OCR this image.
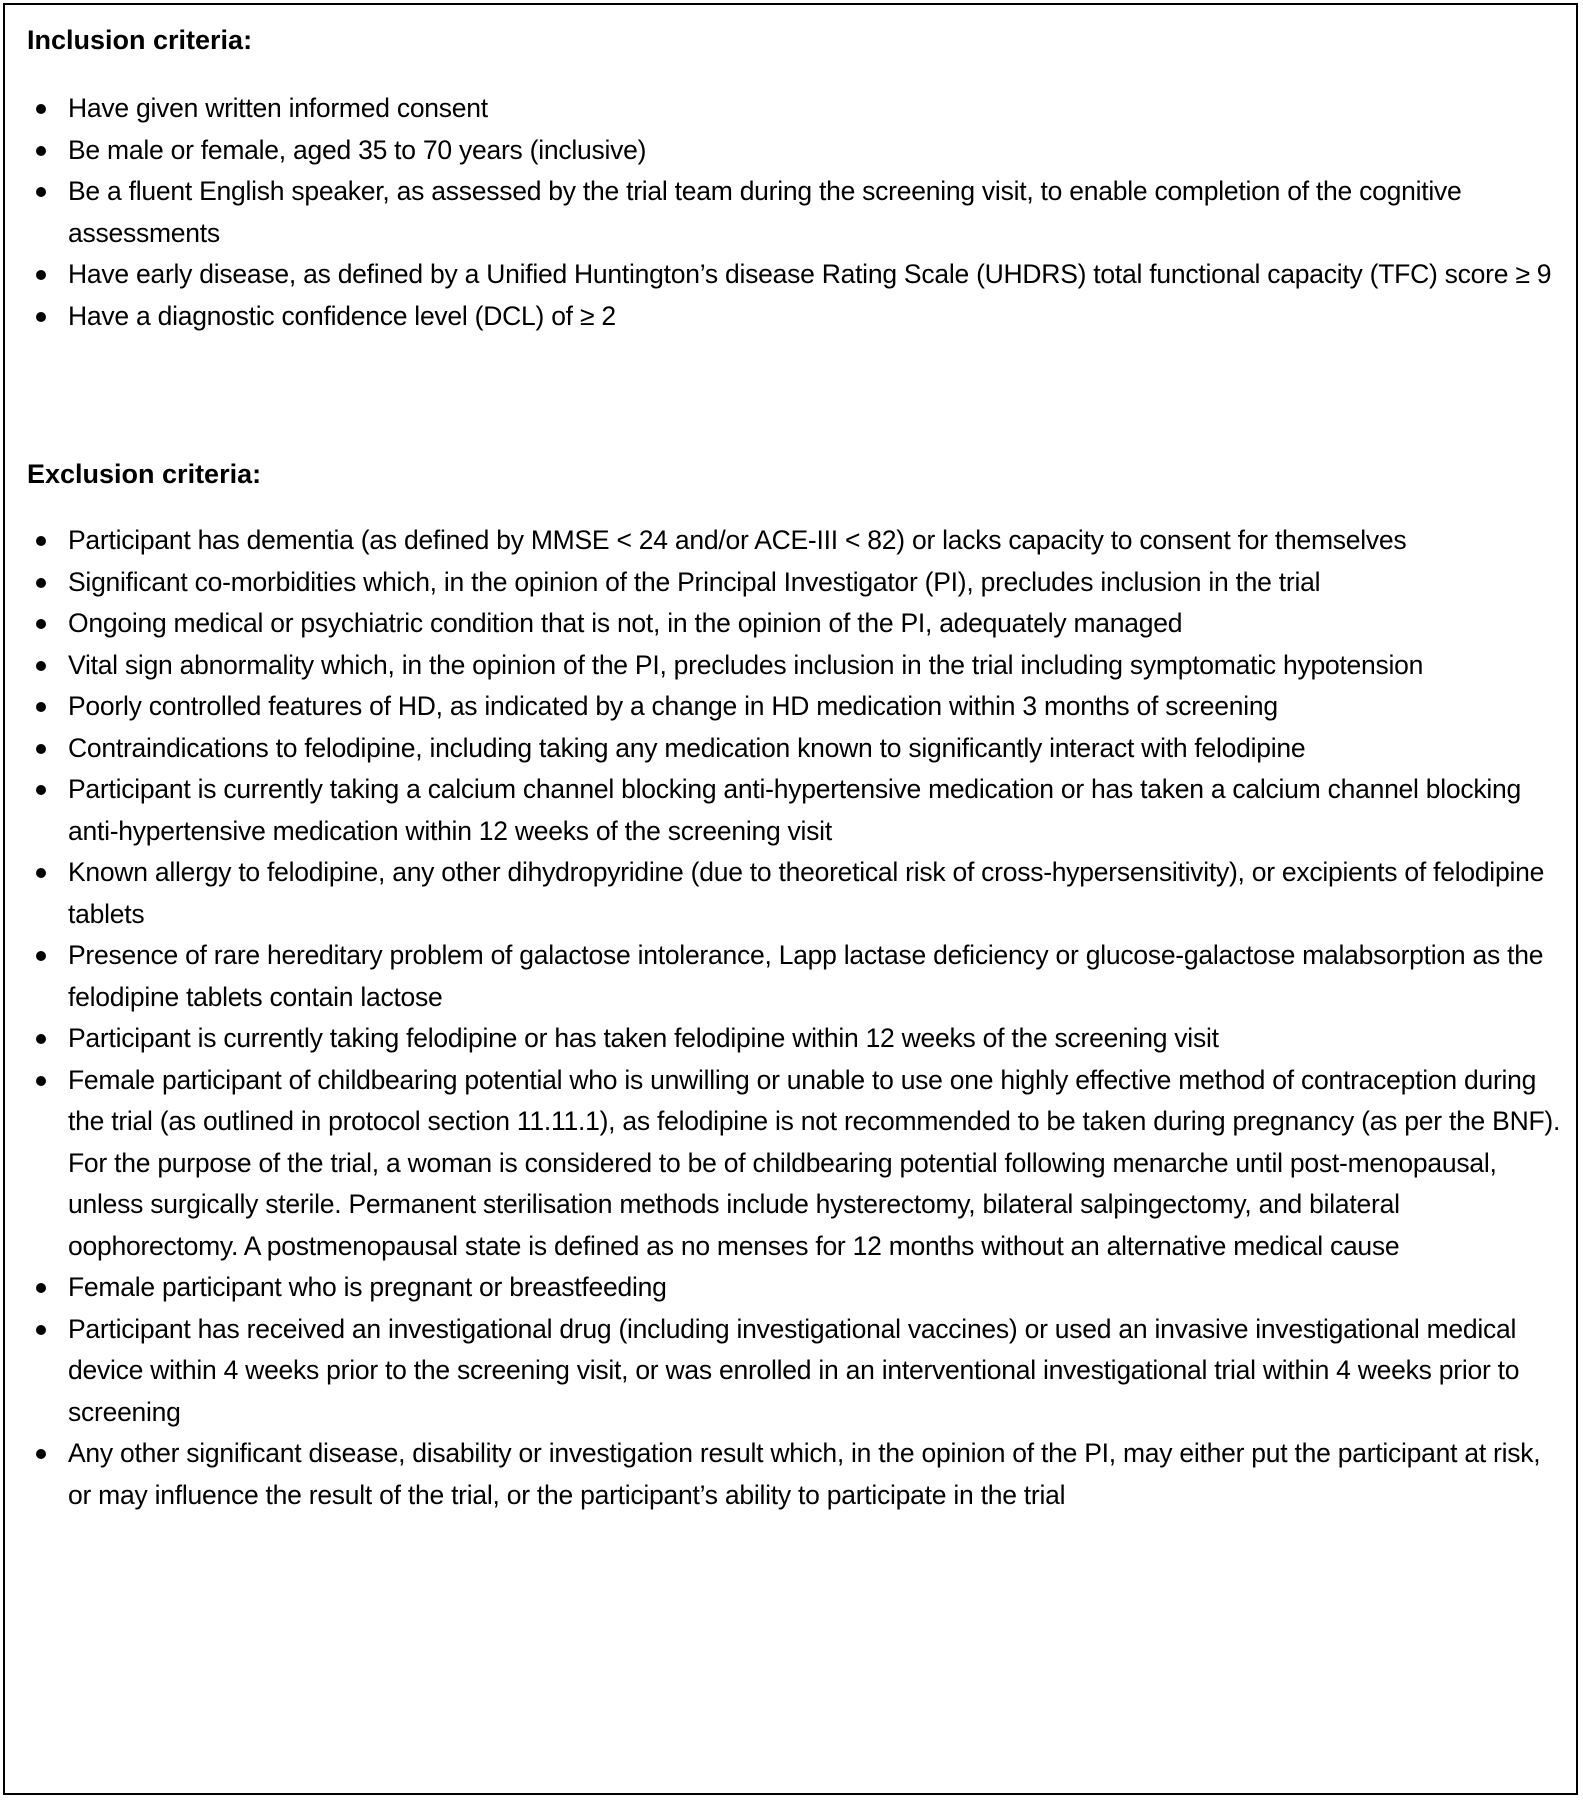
Inclusion criteria:
Have given written informed consent
Be male or female, aged 35 to 70 years (inclusive)
Be a fluent English speaker, as assessed by the trial team during the screening visit, to enable completion of the cognitive assessments
Have early disease, as defined by a Unified Huntington’s disease Rating Scale (UHDRS) total functional capacity (TFC) score ≥ 9
Have a diagnostic confidence level (DCL) of ≥ 2
Exclusion criteria:
Participant has dementia (as defined by MMSE < 24 and/or ACE-III < 82) or lacks capacity to consent for themselves
Significant co-morbidities which, in the opinion of the Principal Investigator (PI), precludes inclusion in the trial
Ongoing medical or psychiatric condition that is not, in the opinion of the PI, adequately managed
Vital sign abnormality which, in the opinion of the PI, precludes inclusion in the trial including symptomatic hypotension
Poorly controlled features of HD, as indicated by a change in HD medication within 3 months of screening
Contraindications to felodipine, including taking any medication known to significantly interact with felodipine
Participant is currently taking a calcium channel blocking anti-hypertensive medication or has taken a calcium channel blocking anti-hypertensive medication within 12 weeks of the screening visit
Known allergy to felodipine, any other dihydropyridine (due to theoretical risk of cross-hypersensitivity), or excipients of felodipine tablets
Presence of rare hereditary problem of galactose intolerance, Lapp lactase deficiency or glucose-galactose malabsorption as the felodipine tablets contain lactose
Participant is currently taking felodipine or has taken felodipine within 12 weeks of the screening visit
Female participant of childbearing potential who is unwilling or unable to use one highly effective method of contraception during the trial (as outlined in protocol section 11.11.1), as felodipine is not recommended to be taken during pregnancy (as per the BNF). For the purpose of the trial, a woman is considered to be of childbearing potential following menarche until post-menopausal, unless surgically sterile. Permanent sterilisation methods include hysterectomy, bilateral salpingectomy, and bilateral oophorectomy. A postmenopausal state is defined as no menses for 12 months without an alternative medical cause
Female participant who is pregnant or breastfeeding
Participant has received an investigational drug (including investigational vaccines) or used an invasive investigational medical device within 4 weeks prior to the screening visit, or was enrolled in an interventional investigational trial within 4 weeks prior to screening
Any other significant disease, disability or investigation result which, in the opinion of the PI, may either put the participant at risk, or may influence the result of the trial, or the participant’s ability to participate in the trial
